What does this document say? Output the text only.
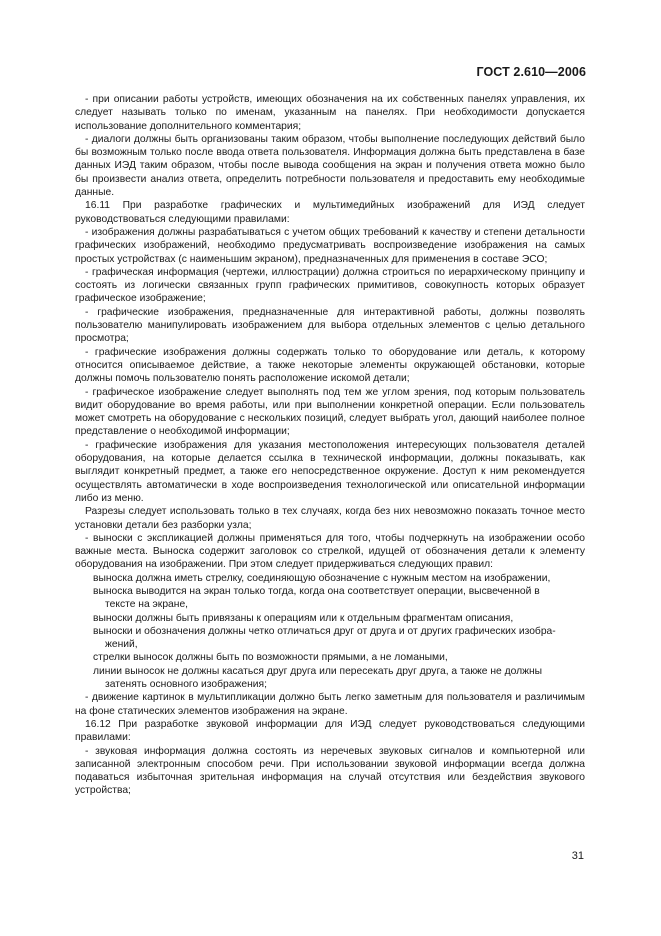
ГОСТ 2.610—2006

- при описании работы устройств, имеющих обозначения на их собственных панелях управления, их следует называть только по именам, указанным на панелях. При необходимости допускается использование дополнительного комментария;

- диалоги должны быть организованы таким образом, чтобы выполнение последующих действий было бы возможным только после ввода ответа пользователя. Информация должна быть представлена в базе данных ИЭД таким образом, чтобы после вывода сообщения на экран и получения ответа можно было бы произвести анализ ответа, определить потребности пользователя и предоставить ему необходимые данные.

16.11 При разработке графических и мультимедийных изображений для ИЭД следует руководствоваться следующими правилами:

- изображения должны разрабатываться с учетом общих требований к качеству и степени детальности графических изображений, необходимо предусматривать воспроизведение изображения на самых простых устройствах (с наименьшим экраном), предназначенных для применения в составе ЭСО;

- графическая информация (чертежи, иллюстрации) должна строиться по иерархическому принципу и состоять из логически связанных групп графических примитивов, совокупность которых образует графическое изображение;

- графические изображения, предназначенные для интерактивной работы, должны позволять пользователю манипулировать изображением для выбора отдельных элементов с целью детального просмотра;

- графические изображения должны содержать только то оборудование или деталь, к которому относится описываемое действие, а также некоторые элементы окружающей обстановки, которые должны помочь пользователю понять расположение искомой детали;

- графическое изображение следует выполнять под тем же углом зрения, под которым пользователь видит оборудование во время работы, или при выполнении конкретной операции. Если пользователь может смотреть на оборудование с нескольких позиций, следует выбрать угол, дающий наиболее полное представление о необходимой информации;

- графические изображения для указания местоположения интересующих пользователя деталей оборудования, на которые делается ссылка в технической информации, должны показывать, как выглядит конкретный предмет, а также его непосредственное окружение. Доступ к ним рекомендуется осуществлять автоматически в ходе воспроизведения технологической или описательной информации либо из меню.

Разрезы следует использовать только в тех случаях, когда без них невозможно показать точное место установки детали без разборки узла;

- выноски с экспликацией должны применяться для того, чтобы подчеркнуть на изображении особо важные места. Выноска содержит заголовок со стрелкой, идущей от обозначения детали к элементу оборудования на изображении. При этом следует придерживаться следующих правил:

выноска должна иметь стрелку, соединяющую обозначение с нужным местом на изображении,

выноска выводится на экран только тогда, когда она соответствует операции, высвеченной в

тексте на экране,

выноски должны быть привязаны к операциям или к отдельным фрагментам описания,

выноски и обозначения должны четко отличаться друг от друга и от других графических изобра-

жений,

стрелки выносок должны быть по возможности прямыми, а не ломаными,

линии выносок не должны касаться друг друга или пересекать друг друга, а также не должны

затенять основного изображения;

- движение картинок в мультипликации должно быть легко заметным для пользователя и различимым на фоне статических элементов изображения на экране.

16.12 При разработке звуковой информации для ИЭД следует руководствоваться следующими правилами:

- звуковая информация должна состоять из неречевых звуковых сигналов и компьютерной или записанной электронным способом речи. При использовании звуковой информации всегда должна подаваться избыточная зрительная информация на случай отсутствия или бездействия звукового устройства;

31
